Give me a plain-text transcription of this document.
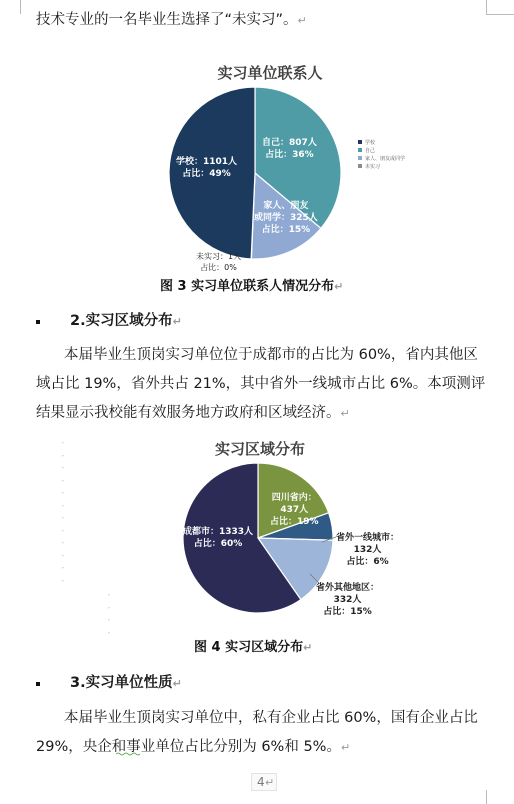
技术专业的一名毕业生选择了“未实习”。↵
实习单位联系人
自己：807人
占比：36%
家人、朋友
或同学：325人
占比：15%
学校：1101人
占比：49%
未实习：1人
占比：0%
学校
自己
家人、朋友或同学
未实习
图 3 实习单位联系人情况分布↵
2.实习区域分布↵
本届毕业生顶岗实习单位位于成都市的占比为 60%，省内其他区
域占比 19%，省外共占 21%，其中省外一线城市占比 6%。本项测评
结果显示我校能有效服务地方政府和区域经济。↵
,
,
,
,
,
,
,
,
,
,
,
,
,
,
,
,
实习区域分布
四川省内：
437人
占比：19%
省外一线城市：
132人
占比：6%
省外其他地区：
332人
占比：15%
成都市：1333人
占比：60%
图 4 实习区域分布↵
3.实习单位性质↵
本届毕业生顶岗实习单位中，私有企业占比 60%，国有企业占比
29%，央企和事业单位占比分别为 6%和 5%。↵
4 ↵
